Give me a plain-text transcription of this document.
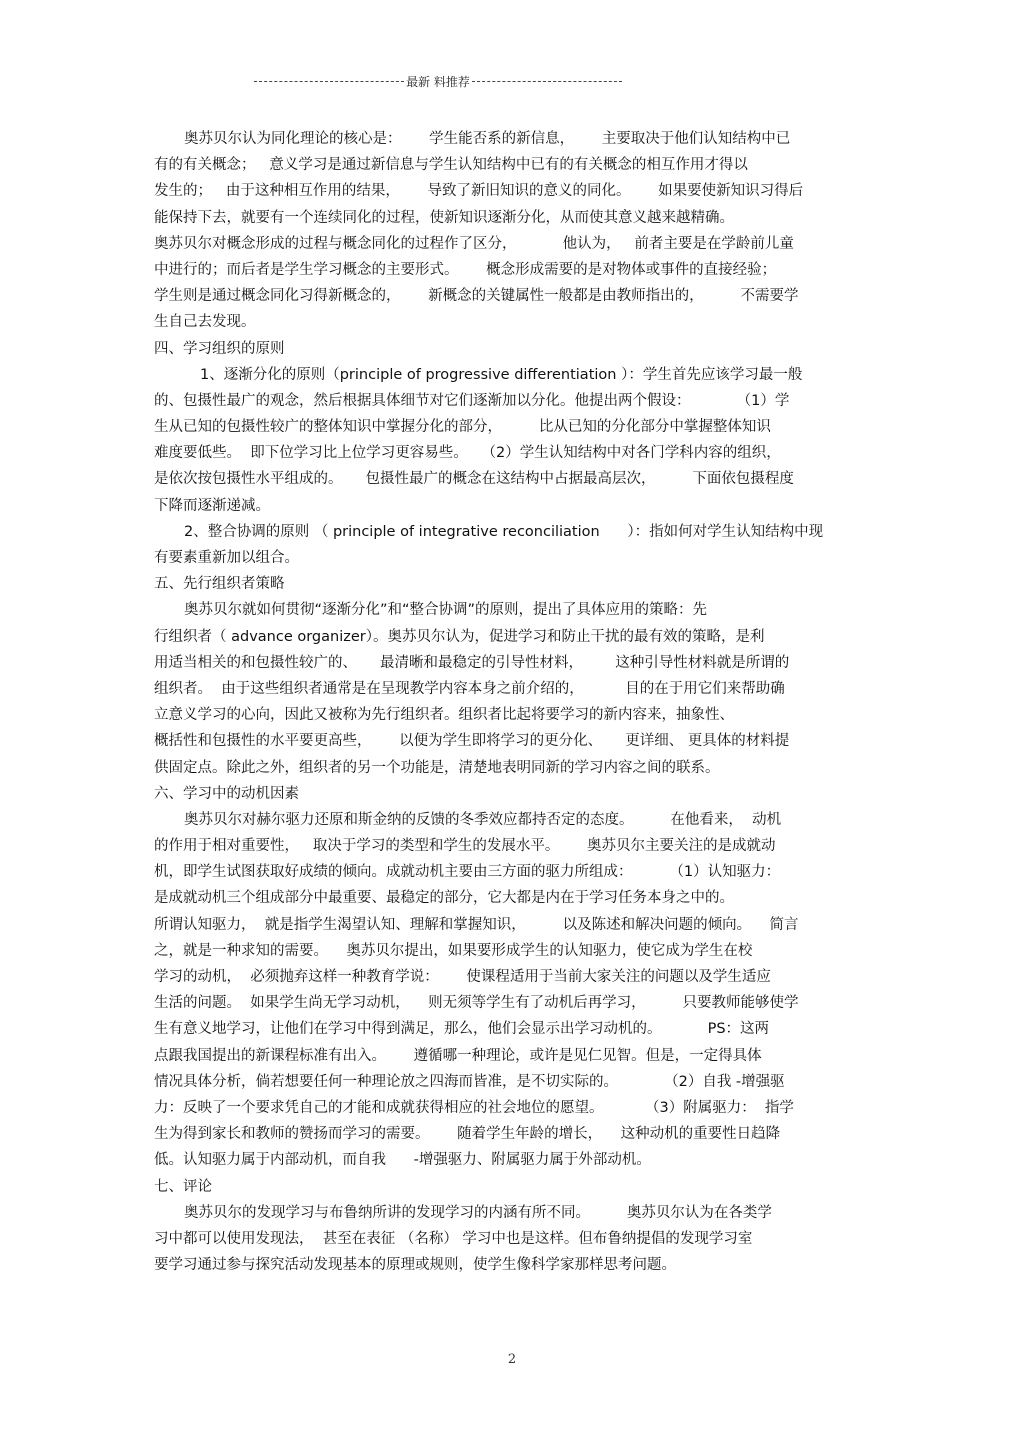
最新 料推荐
奥苏贝尔认为同化理论的核心是：      学生能否系的新信息，      主要取决于他们认知结构中已
有的有关概念；   意义学习是通过新信息与学生认知结构中已有的有关概念的相互作用才得以
发生的；   由于这种相互作用的结果，      导致了新旧知识的意义的同化。      如果要使新知识习得后
能保持下去，就要有一个连续同化的过程，使新知识逐渐分化，从而使其意义越来越精确。
奥苏贝尔对概念形成的过程与概念同化的过程作了区分，          他认为，   前者主要是在学龄前儿童
中进行的；而后者是学生学习概念的主要形式。      概念形成需要的是对物体或事件的直接经验；
学生则是通过概念同化习得新概念的，      新概念的关键属性一般都是由教师指出的，        不需要学
生自己去发现。
四、学习组织的原则
1、逐渐分化的原则（principle of progressive differentiation ）：学生首先应该学习最一般
的、包摄性最广的观念，然后根据具体细节对它们逐渐加以分化。他提出两个假设：          （1）学
生从已知的包摄性较广的整体知识中掌握分化的部分，        比从已知的分化部分中掌握整体知识
难度要低些。  即下位学习比上位学习更容易些。   （2）学生认知结构中对各门学科内容的组织，
是依次按包摄性水平组成的。     包摄性最广的概念在这结构中占据最高层次，        下面依包摄程度
下降而逐渐递减。
2、整合协调的原则 （ principle of integrative reconciliation      ）：指如何对学生认知结构中现
有要素重新加以组合。
五、先行组织者策略
奥苏贝尔就如何贯彻“逐渐分化”和“整合协调”的原则，提出了具体应用的策略：先
行组织者（ advance organizer）。奥苏贝尔认为，促进学习和防止干扰的最有效的策略，是利
用适当相关的和包摄性较广的、     最清晰和最稳定的引导性材料，       这种引导性材料就是所谓的
组织者。  由于这些组织者通常是在呈现教学内容本身之前介绍的，         目的在于用它们来帮助确
立意义学习的心向，因此又被称为先行组织者。组织者比起将要学习的新内容来，抽象性、
概括性和包摄性的水平要更高些，      以便为学生即将学习的更分化、     更详细、 更具体的材料提
供固定点。除此之外，组织者的另一个功能是，清楚地表明同新的学习内容之间的联系。
六、学习中的动机因素
奥苏贝尔对赫尔驱力还原和斯金纳的反馈的冬季效应都持否定的态度。        在他看来，  动机
的作用于相对重要性，   取决于学习的类型和学生的发展水平。      奥苏贝尔主要关注的是成就动
机，即学生试图获取好成绩的倾向。成就动机主要由三方面的驱力所组成：        （1）认知驱力：
是成就动机三个组成部分中最重要、最稳定的部分，它大都是内在于学习任务本身之中的。
所谓认知驱力，  就是指学生渴望认知、理解和掌握知识，        以及陈述和解决问题的倾向。    简言
之，就是一种求知的需要。    奥苏贝尔提出，如果要形成学生的认知驱力，使它成为学生在校
学习的动机，  必须抛弃这样一种教育学说：      使课程适用于当前大家关注的问题以及学生适应
生活的问题。  如果学生尚无学习动机，    则无须等学生有了动机后再学习，        只要教师能够使学
生有意义地学习，让他们在学习中得到满足，那么，他们会显示出学习动机的。          PS：这两
点跟我国提出的新课程标准有出入。      遵循哪一种理论，或许是见仁见智。但是，一定得具体
情况具体分析，倘若想要任何一种理论放之四海而皆准，是不切实际的。          （2）自我 -增强驱
力：反映了一个要求凭自己的才能和成就获得相应的社会地位的愿望。         （3）附属驱力：  指学
生为得到家长和教师的赞扬而学习的需要。      随着学生年龄的增长，    这种动机的重要性日趋降
低。认知驱力属于内部动机，而自我      -增强驱力、附属驱力属于外部动机。
七、评论
奥苏贝尔的发现学习与布鲁纳所讲的发现学习的内涵有所不同。        奥苏贝尔认为在各类学
习中都可以使用发现法，  甚至在表征 （名称） 学习中也是这样。但布鲁纳提倡的发现学习室
要学习通过参与探究活动发现基本的原理或规则，使学生像科学家那样思考问题。
2
